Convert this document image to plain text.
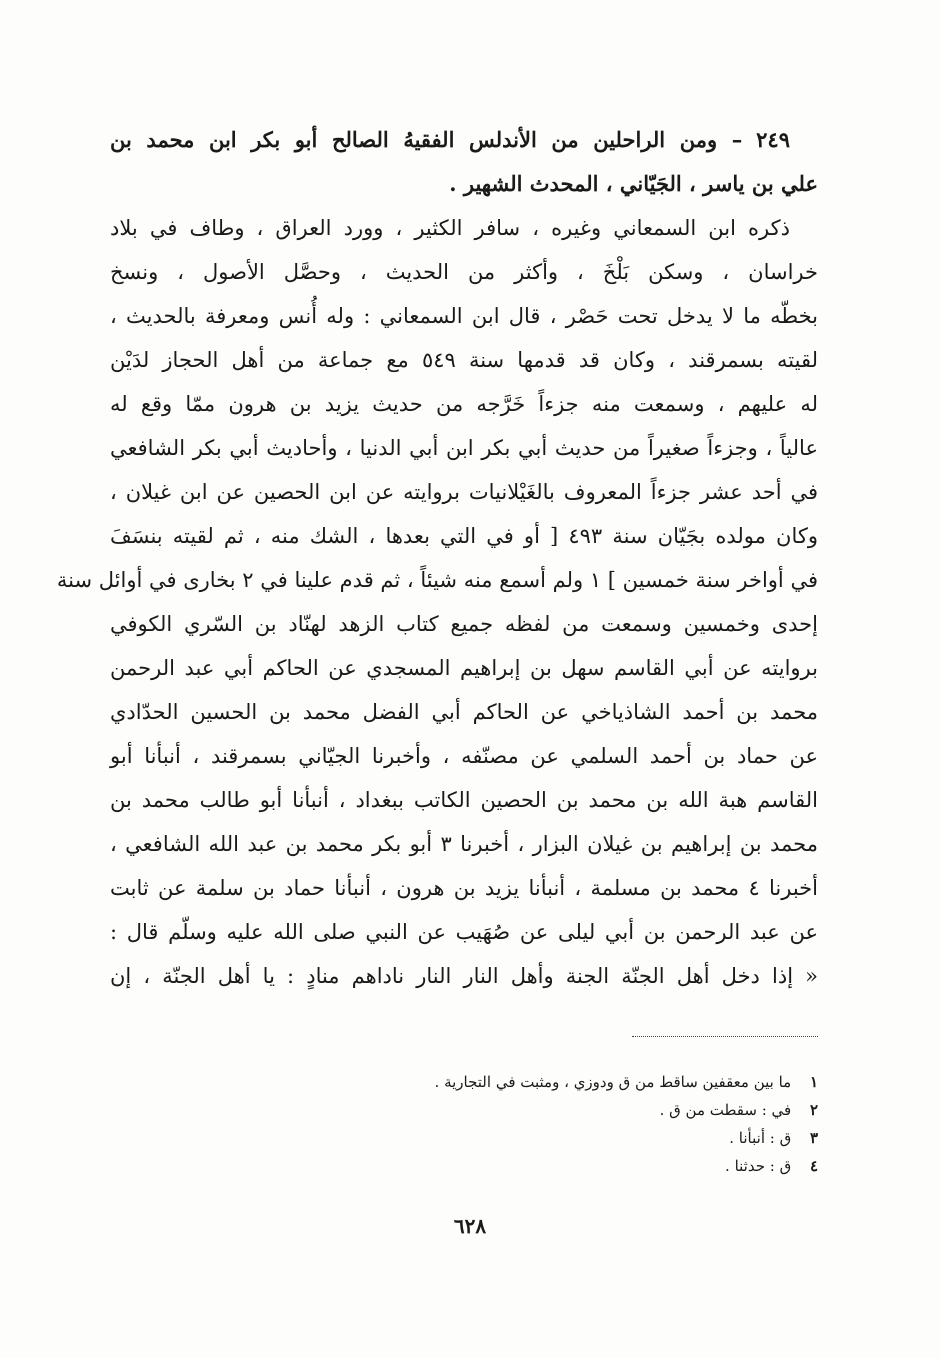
٢٤٩ – ومن الراحلين من الأندلس الفقيهُ الصالح أبو بكر ابن محمد بن
علي بن ياسر ، الجَيّاني ، المحدث الشهير .
ذكره ابن السمعاني وغيره ، سافر الكثير ، وورد العراق ، وطاف في بلاد
خراسان ، وسكن بَلْخَ ، وأكثر من الحديث ، وحصَّل الأصول ، ونسخ
بخطّه ما لا يدخل تحت حَصْر ، قال ابن السمعاني : وله أُنس ومعرفة بالحديث ،
لقيته بسمرقند ، وكان قد قدمها سنة ٥٤٩ مع جماعة من أهل الحجاز لدَيْن
له عليهم ، وسمعت منه جزءاً خَرَّجه من حديث يزيد بن هرون ممّا وقع له
عالياً ، وجزءاً صغيراً من حديث أبي بكر ابن أبي الدنيا ، وأحاديث أبي بكر الشافعي
في أحد عشر جزءاً المعروف بالغَيْلانيات بروايته عن ابن الحصين عن ابن غيلان ،
وكان مولده بجَيّان سنة ٤٩٣ [ أو في التي بعدها ، الشك منه ، ثم لقيته بنسَفَ
في أواخر سنة خمسين ] ١ ولم أسمع منه شيئاً ، ثم قدم علينا في ٢ بخارى في أوائل سنة
إحدى وخمسين وسمعت من لفظه جميع كتاب الزهد لهنّاد بن السّري الكوفي
بروايته عن أبي القاسم سهل بن إبراهيم المسجدي عن الحاكم أبي عبد الرحمن
محمد بن أحمد الشاذياخي عن الحاكم أبي الفضل محمد بن الحسين الحدّادي
عن حماد بن أحمد السلمي عن مصنّفه ، وأخبرنا الجيّاني بسمرقند ، أنبأنا أبو
القاسم هبة الله بن محمد بن الحصين الكاتب ببغداد ، أنبأنا أبو طالب محمد بن
محمد بن إبراهيم بن غيلان البزار ، أخبرنا ٣ أبو بكر محمد بن عبد الله الشافعي ،
أخبرنا ٤ محمد بن مسلمة ، أنبأنا يزيد بن هرون ، أنبأنا حماد بن سلمة عن ثابت
عن عبد الرحمن بن أبي ليلى عن صُهَيب عن النبي صلى الله عليه وسلّم قال :
« إذا دخل أهل الجنّة الجنة وأهل النار النار ناداهم منادٍ : يا أهل الجنّة ، إن
١ ما بين معقفين ساقط من ق ودوزي ، ومثبت في التجارية .
٢ في : سقطت من ق .
٣ ق : أنبأنا .
٤ ق : حدثنا .
٦٢٨
